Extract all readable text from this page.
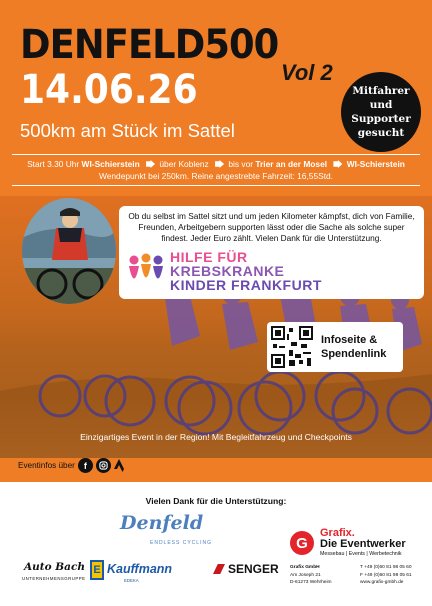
DENFELD500
14.06.26	Vol 2
Mitfahrer
und
Supporter
gesucht
500km am Stück im Sattel
Start 3.30 Uhr WI-Schierstein über Koblenz bis vor Trier an der Mosel WI-Schierstein
Wendepunkt bei 250km. Reine angestrebte Fahrzeit: 16,55Std.
Ob du selbst im Sattel sitzt und um jeden Kilometer kämpfst, dich von Familie, Freunden, Arbeitgebern supporten lässt oder die Sache als solche super findest. Jeder Euro zählt. Vielen Dank für die Unterstützung.
HILFE FÜR
KREBSKRANKE
KINDER FRANKFURT
Infoseite &
Spendenlink
Einzigartiges Event in der Region! Mit Begleitfahrzeug und Checkpoints
Eventinfos über	f
Vielen Dank für die Unterstützung:
Denfeld
ENDLESS CYCLING
Auto Bach
UNTERNEHMENSGRUPPE
E Kauffmann
EDEKA
SENGER
G
Grafix.
Die Eventwerker
Messebau | Events | Werbetechnik
Grafix GmbH
Am Joseph 21
D-61273 Wehrheim
T +49 (0)60 81 98 05 60
F +49 (0)60 81 98 05 61
www.grafix-gmbh.de
